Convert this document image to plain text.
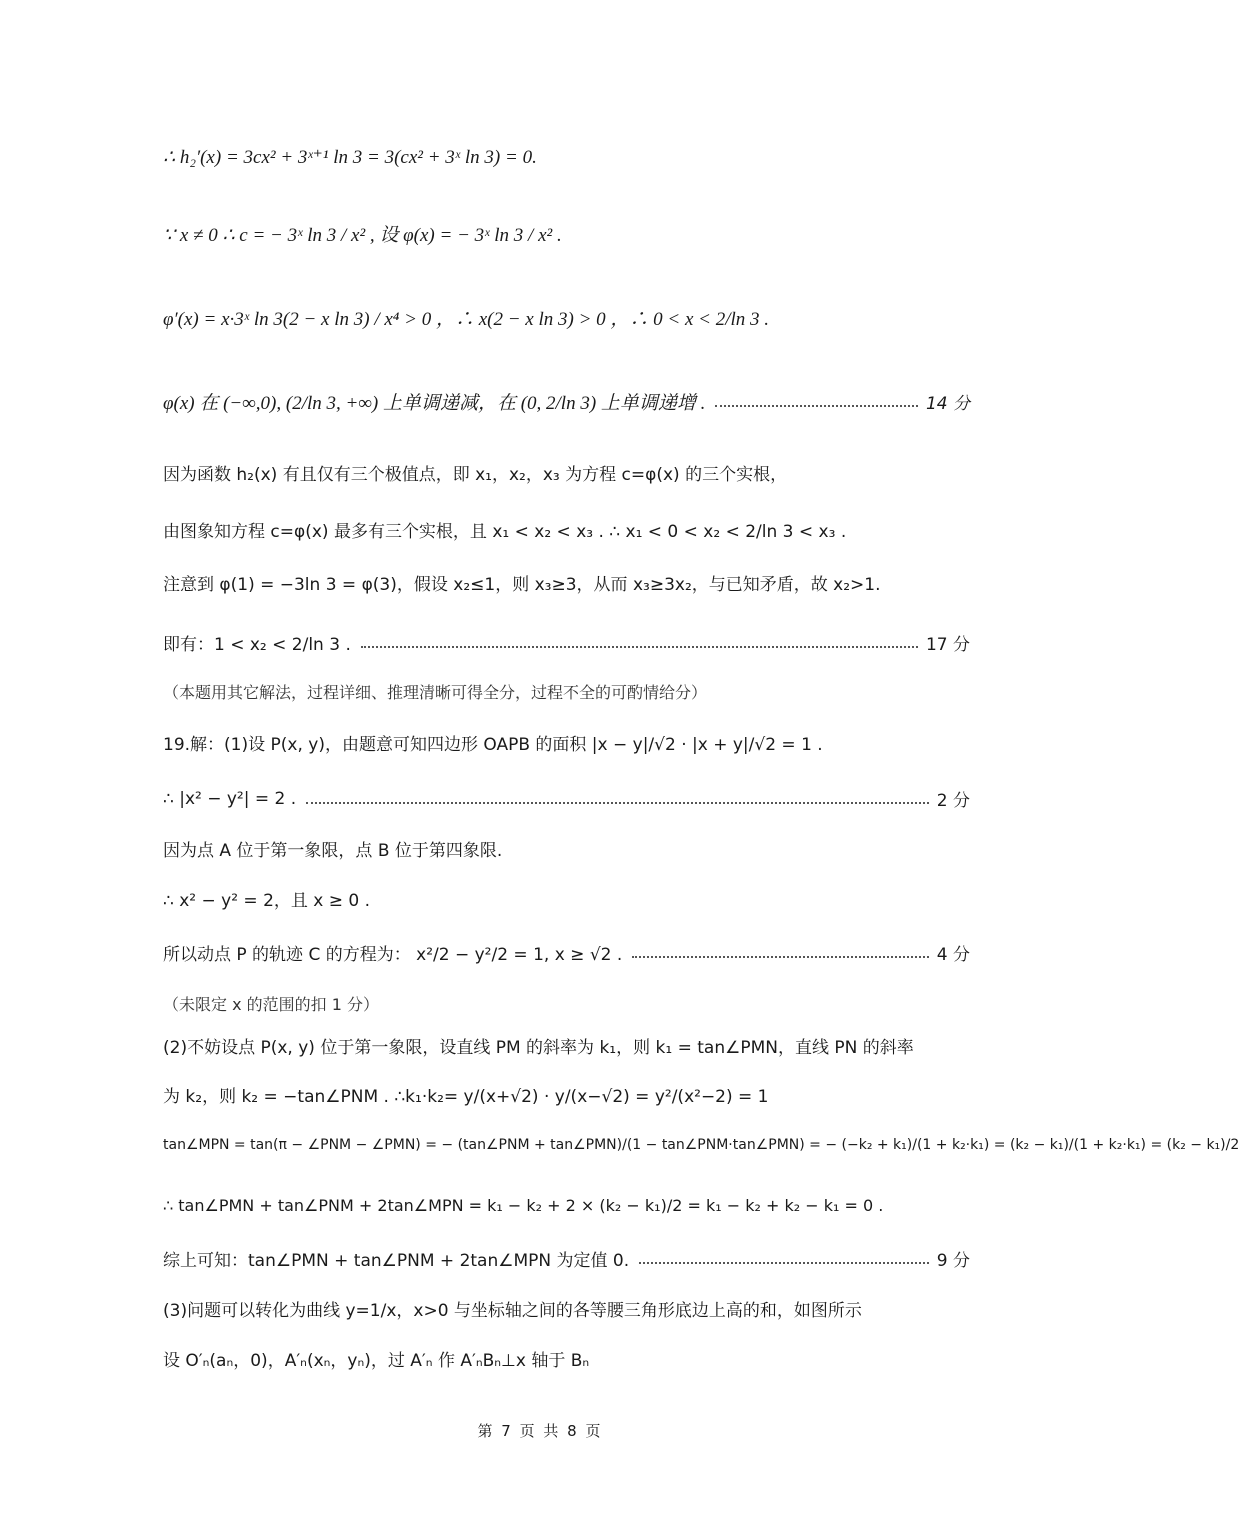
∴ h₂′(x) = 3cx² + 3ˣ⁺¹ ln 3 = 3(cx² + 3ˣ ln 3) = 0.
∵ x ≠ 0 ∴ c = − 3ˣ ln 3 / x² , 设 φ(x) = − 3ˣ ln 3 / x² .
φ′(x) = x·3ˣ ln 3(2 − x ln 3) / x⁴ > 0 ，∴ x(2 − x ln 3) > 0 ，∴ 0 < x < 2/ln 3 .
φ(x) 在 (−∞,0), (2/ln 3, +∞) 上单调递减，在 (0, 2/ln 3) 上单调递增 .	14 分
因为函数 h₂(x) 有且仅有三个极值点，即 x₁，x₂，x₃ 为方程 c=φ(x) 的三个实根，
由图象知方程 c=φ(x) 最多有三个实根，且 x₁ < x₂ < x₃ . ∴ x₁ < 0 < x₂ < 2/ln 3 < x₃ .
注意到 φ(1) = −3ln 3 = φ(3)，假设 x₂≤1，则 x₃≥3，从而 x₃≥3x₂，与已知矛盾，故 x₂>1.
即有：1 < x₂ < 2/ln 3 .	17 分
（本题用其它解法，过程详细、推理清晰可得全分，过程不全的可酌情给分）
19.解：(1)设 P(x, y)，由题意可知四边形 OAPB 的面积 |x − y|/√2 · |x + y|/√2 = 1 .
∴ |x² − y²| = 2 .	2 分
因为点 A 位于第一象限，点 B 位于第四象限.
∴ x² − y² = 2，且 x ≥ 0 .
所以动点 P 的轨迹 C 的方程为： x²/2 − y²/2 = 1, x ≥ √2 .	4 分
（未限定 x 的范围的扣 1 分）
(2)不妨设点 P(x, y) 位于第一象限，设直线 PM 的斜率为 k₁，则 k₁ = tan∠PMN，直线 PN 的斜率
为 k₂，则 k₂ = −tan∠PNM . ∴k₁·k₂= y/(x+√2) · y/(x−√2) = y²/(x²−2) = 1
tan∠MPN = tan(π − ∠PNM − ∠PMN) = − (tan∠PNM + tan∠PMN)/(1 − tan∠PNM·tan∠PMN) = − (−k₂ + k₁)/(1 + k₂·k₁) = (k₂ − k₁)/(1 + k₂·k₁) = (k₂ − k₁)/2
∴ tan∠PMN + tan∠PNM + 2tan∠MPN = k₁ − k₂ + 2 × (k₂ − k₁)/2 = k₁ − k₂ + k₂ − k₁ = 0 .
综上可知：tan∠PMN + tan∠PNM + 2tan∠MPN 为定值 0.	9 分
(3)问题可以转化为曲线 y=1/x，x>0 与坐标轴之间的各等腰三角形底边上高的和，如图所示
设 O′ₙ(aₙ，0)，A′ₙ(xₙ，yₙ)，过 A′ₙ 作 A′ₙBₙ⊥x 轴于 Bₙ
第 7 页 共 8 页
